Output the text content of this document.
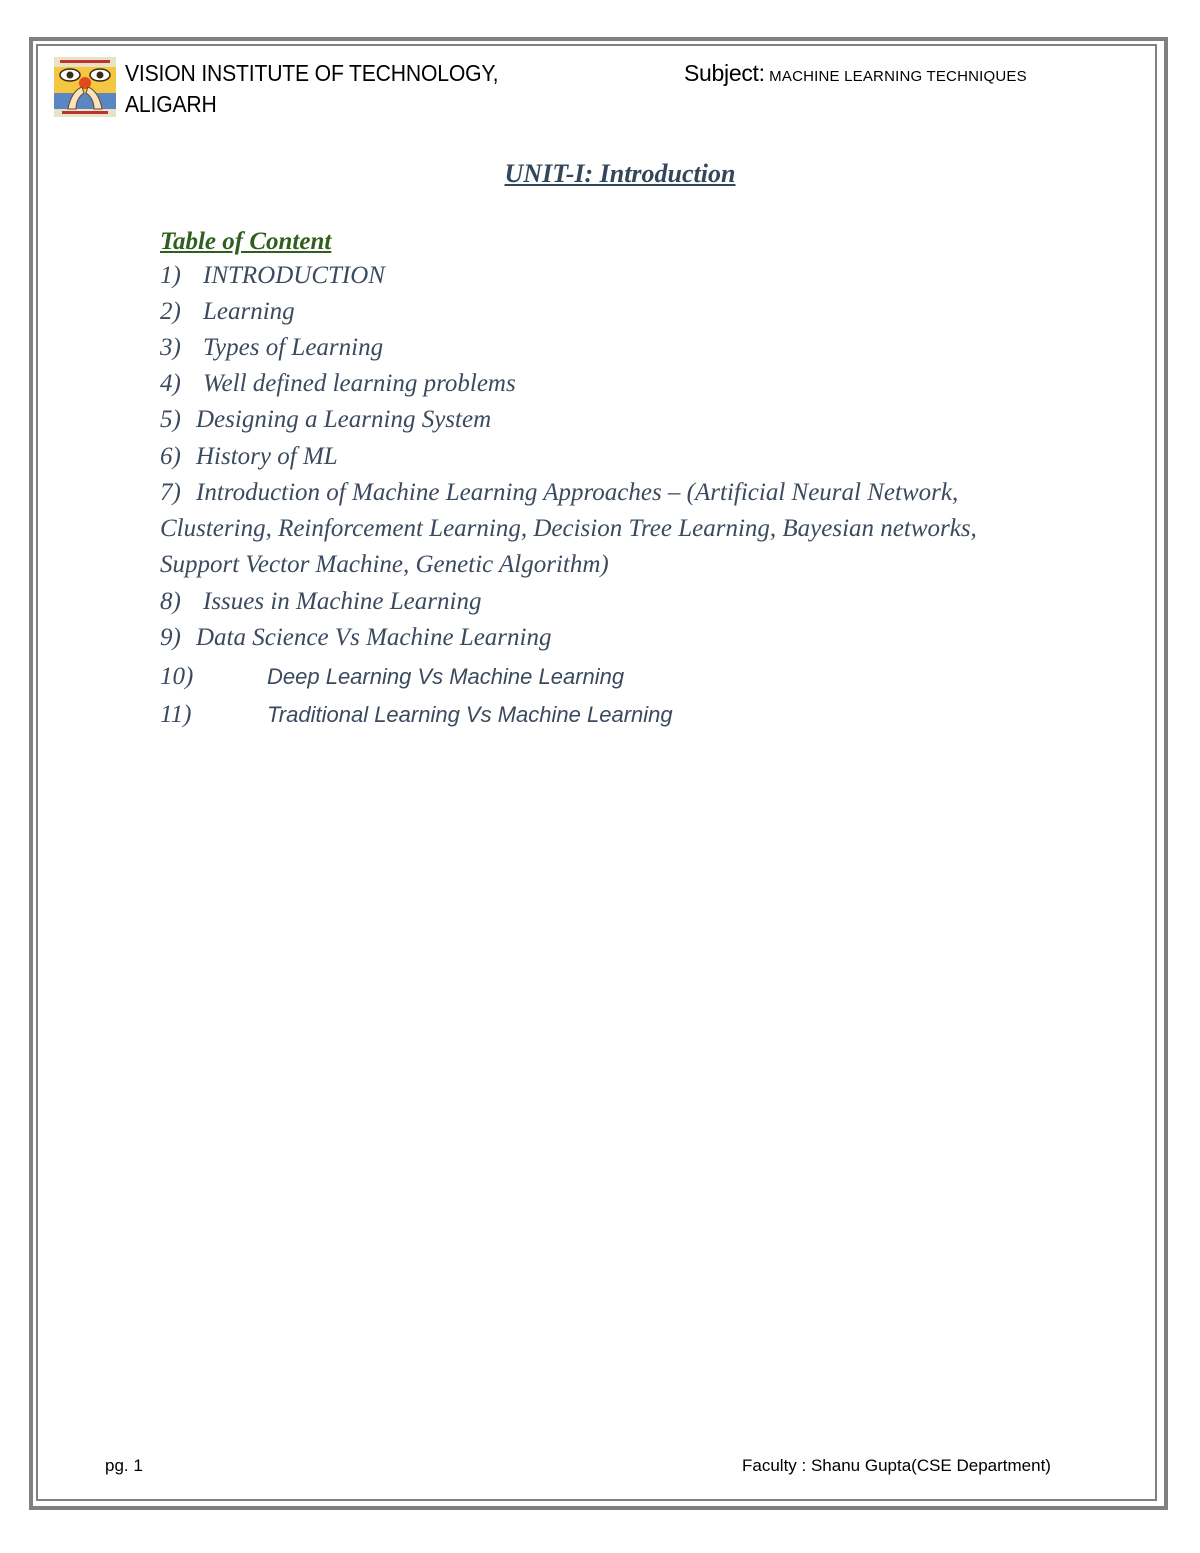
VISION INSTITUTE OF TECHNOLOGY,
ALIGARH
Subject: MACHINE LEARNING TECHNIQUES
UNIT-I: Introduction
Table of Content
1) INTRODUCTION
2) Learning
3) Types of Learning
4) Well defined learning problems
5) Designing a Learning System
6) History of ML
7) Introduction of Machine Learning Approaches – (Artificial Neural Network,
Clustering, Reinforcement Learning, Decision Tree Learning, Bayesian networks,
Support Vector Machine, Genetic Algorithm)
8) Issues in Machine Learning
9) Data Science Vs Machine Learning
10)	Deep Learning Vs Machine Learning
11)	Traditional Learning Vs Machine Learning
pg. 1	Faculty : Shanu Gupta(CSE Department)
